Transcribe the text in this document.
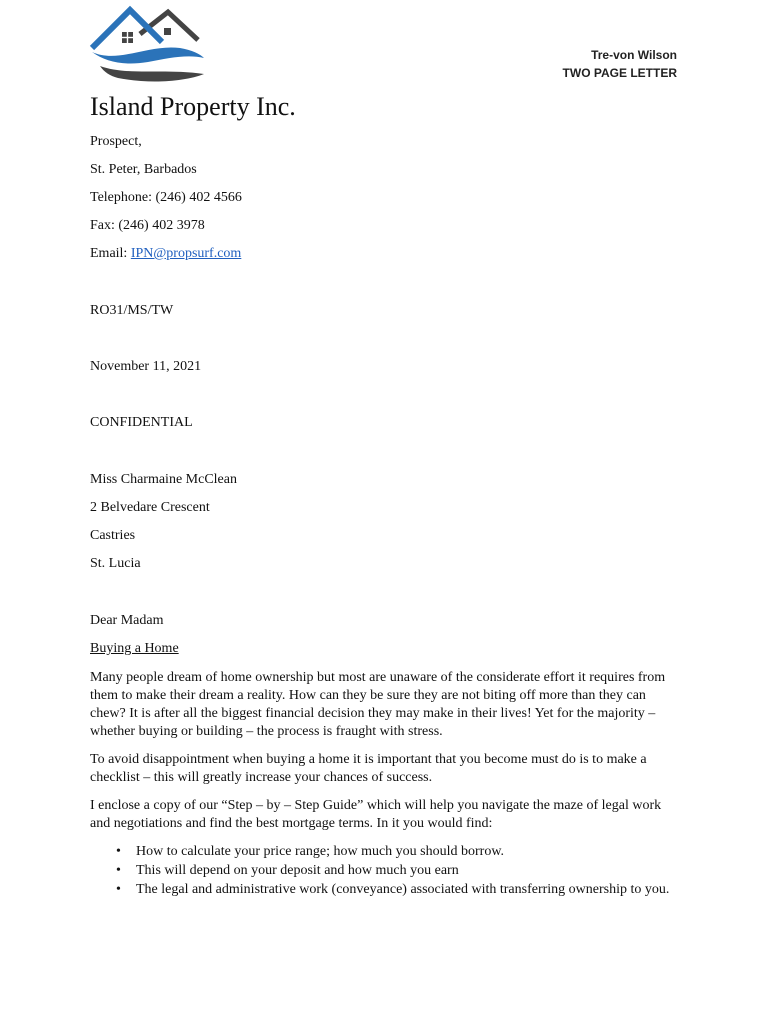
Tre-von Wilson
TWO PAGE LETTER
Island Property Inc.
Prospect,
St. Peter, Barbados
Telephone: (246) 402 4566
Fax: (246) 402 3978
Email: IPN@propsurf.com
RO31/MS/TW
November 11, 2021
CONFIDENTIAL
Miss Charmaine McClean
2 Belvedare Crescent
Castries
St. Lucia
Dear Madam
Buying a Home
Many people dream of home ownership but most are unaware of the considerate effort it requires from them to make their dream a reality. How can they be sure they are not biting off more than they can chew? It is after all the biggest financial decision they may make in their lives! Yet for the majority – whether buying or building – the process is fraught with stress.
To avoid disappointment when buying a home it is important that you become must do is to make a checklist – this will greatly increase your chances of success.
I enclose a copy of our “Step – by – Step Guide” which will help you navigate the maze of legal work and negotiations and find the best mortgage terms. In it you would find:
• How to calculate your price range; how much you should borrow.
• This will depend on your deposit and how much you earn
• The legal and administrative work (conveyance) associated with transferring ownership to you.
